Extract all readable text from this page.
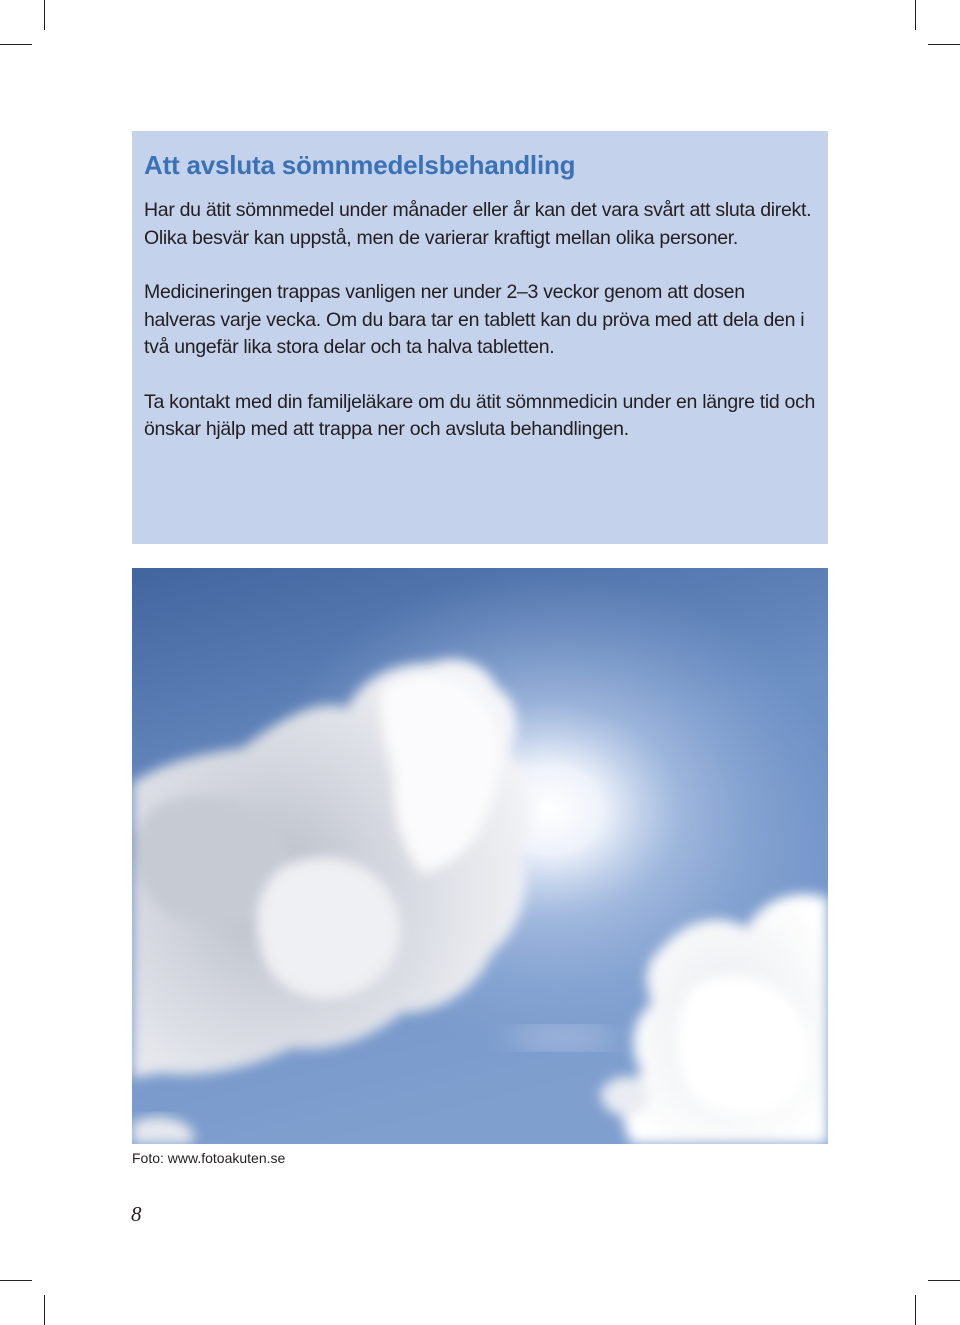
Att avsluta sömnmedelsbehandling

Har du ätit sömnmedel under månader eller år kan det vara svårt att sluta direkt. Olika besvär kan uppstå, men de varierar kraftigt mellan olika personer.

Medicineringen trappas vanligen ner under 2–3 veckor genom att dosen halveras varje vecka. Om du bara tar en tablett kan du pröva med att dela den i två ungefär lika stora delar och ta halva tabletten.

Ta kontakt med din familjeläkare om du ätit sömnmedicin under en längre tid och önskar hjälp med att trappa ner och avsluta behandlingen.

Foto: www.fotoakuten.se
8
